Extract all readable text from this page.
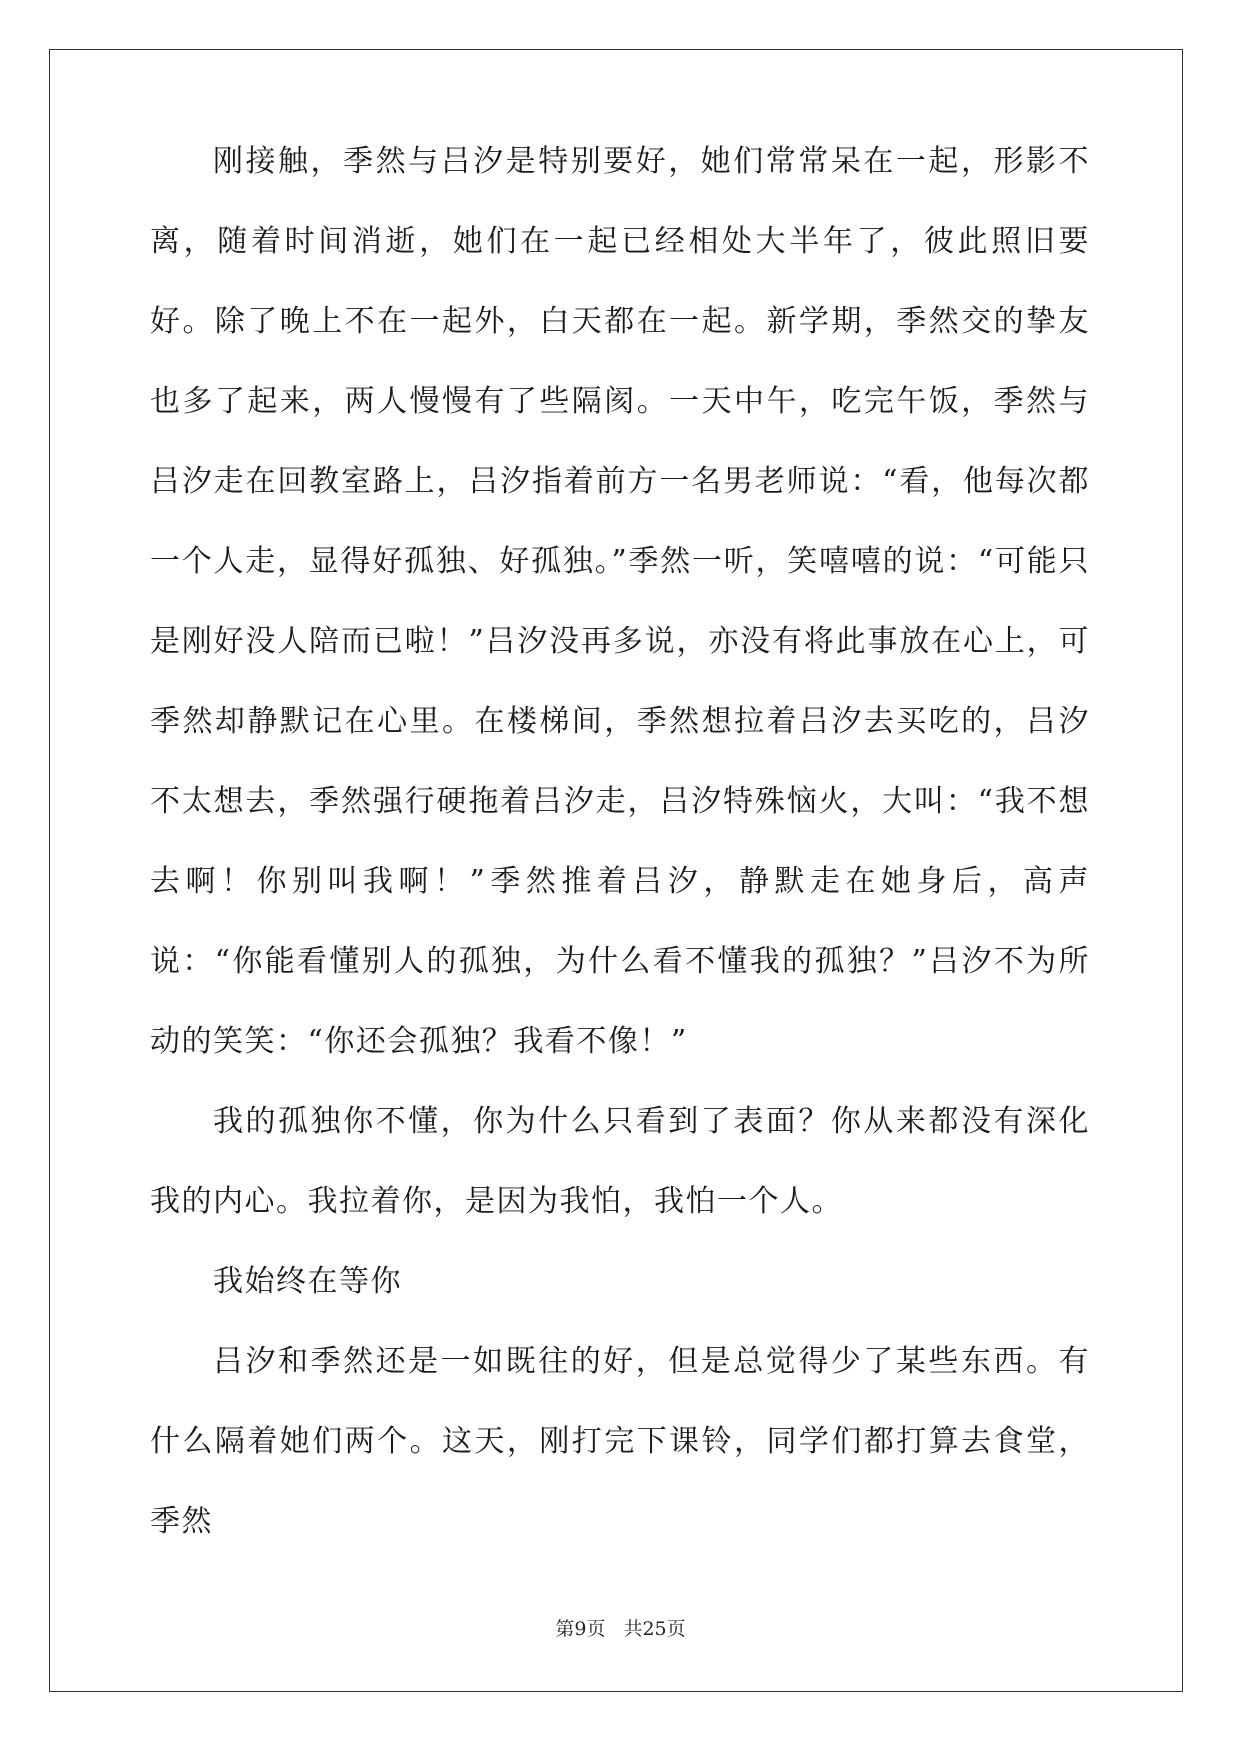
刚接触，季然与吕汐是特别要好，她们常常呆在一起，形影不离，随着时间消逝，她们在一起已经相处大半年了，彼此照旧要好。除了晚上不在一起外，白天都在一起。新学期，季然交的挚友也多了起来，两人慢慢有了些隔阂。一天中午，吃完午饭，季然与吕汐走在回教室路上，吕汐指着前方一名男老师说：“看，他每次都一个人走，显得好孤独、好孤独。”季然一听，笑嘻嘻的说：“可能只是刚好没人陪而已啦！”吕汐没再多说，亦没有将此事放在心上，可季然却静默记在心里。在楼梯间，季然想拉着吕汐去买吃的，吕汐不太想去，季然强行硬拖着吕汐走，吕汐特殊恼火，大叫：“我不想去啊！你别叫我啊！”季然推着吕汐，静默走在她身后，高声说：“你能看懂别人的孤独，为什么看不懂我的孤独？”吕汐不为所动的笑笑：“你还会孤独？我看不像！”

我的孤独你不懂，你为什么只看到了表面？你从来都没有深化我的内心。我拉着你，是因为我怕，我怕一个人。

我始终在等你

吕汐和季然还是一如既往的好，但是总觉得少了某些东西。有什么隔着她们两个。这天，刚打完下课铃，同学们都打算去食堂，季然

第9页 共25页
